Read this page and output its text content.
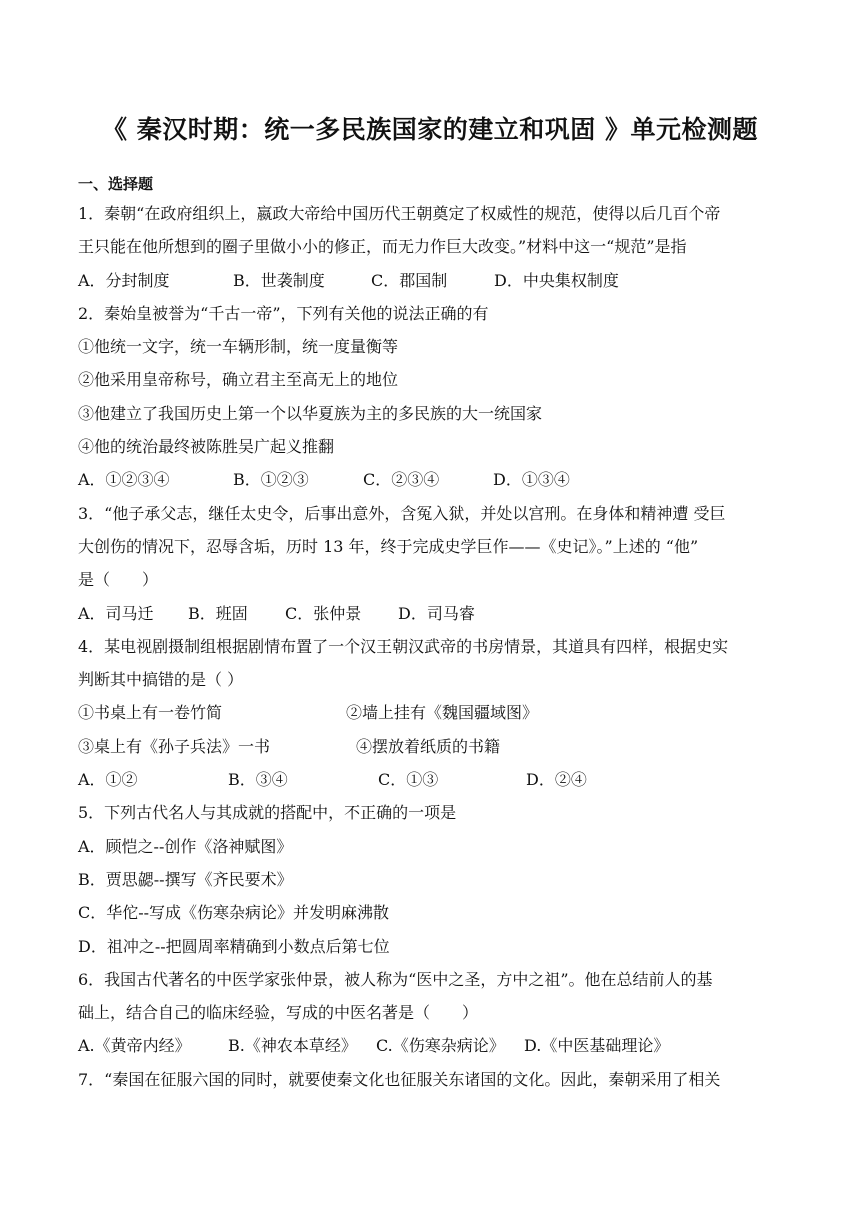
《 秦汉时期：统一多民族国家的建立和巩固 》单元检测题
一、选择题
1．秦朝“在政府组织上，嬴政大帝给中国历代王朝奠定了权威性的规范，使得以后几百个帝
王只能在他所想到的圈子里做小小的修正，而无力作巨大改变。”材料中这一“规范”是指
A．分封制度	B．世袭制度	C．郡国制	D．中央集权制度
2．秦始皇被誉为“千古一帝”，下列有关他的说法正确的有
①他统一文字，统一车辆形制，统一度量衡等
②他采用皇帝称号，确立君主至高无上的地位
③他建立了我国历史上第一个以华夏族为主的多民族的大一统国家
④他的统治最终被陈胜吴广起义推翻
A．①②③④	B．①②③	C．②③④	D．①③④
3．“他子承父志，继任太史令，后事出意外，含冤入狱，并处以宫刑。在身体和精神遭 受巨
大创伤的情况下，忍辱含垢，历时 13 年，终于完成史学巨作——《史记》。”上述的 “他”
是（　　）
A．司马迁 B．班固 C．张仲景 D．司马睿
4．某电视剧摄制组根据剧情布置了一个汉王朝汉武帝的书房情景，其道具有四样，根据史实
判断其中搞错的是（ ）
①书桌上有一卷竹简	②墙上挂有《魏国疆域图》
③桌上有《孙子兵法》一书	④摆放着纸质的书籍
A．①②	B．③④	C．①③	D．②④
5．下列古代名人与其成就的搭配中，不正确的一项是
A．顾恺之--创作《洛神赋图》
B．贾思勰--撰写《齐民要术》
C．华佗--写成《伤寒杂病论》并发明麻沸散
D．祖冲之--把圆周率精确到小数点后第七位
6．我国古代著名的中医学家张仲景，被人称为“医中之圣，方中之祖”。他在总结前人的基
础上，结合自己的临床经验，写成的中医名著是（　　）
A.《黄帝内经》 B.《神农本草经》 C.《伤寒杂病论》 D.《中医基础理论》
7．“秦国在征服六国的同时，就要使秦文化也征服关东诸国的文化。因此，秦朝采用了相关
